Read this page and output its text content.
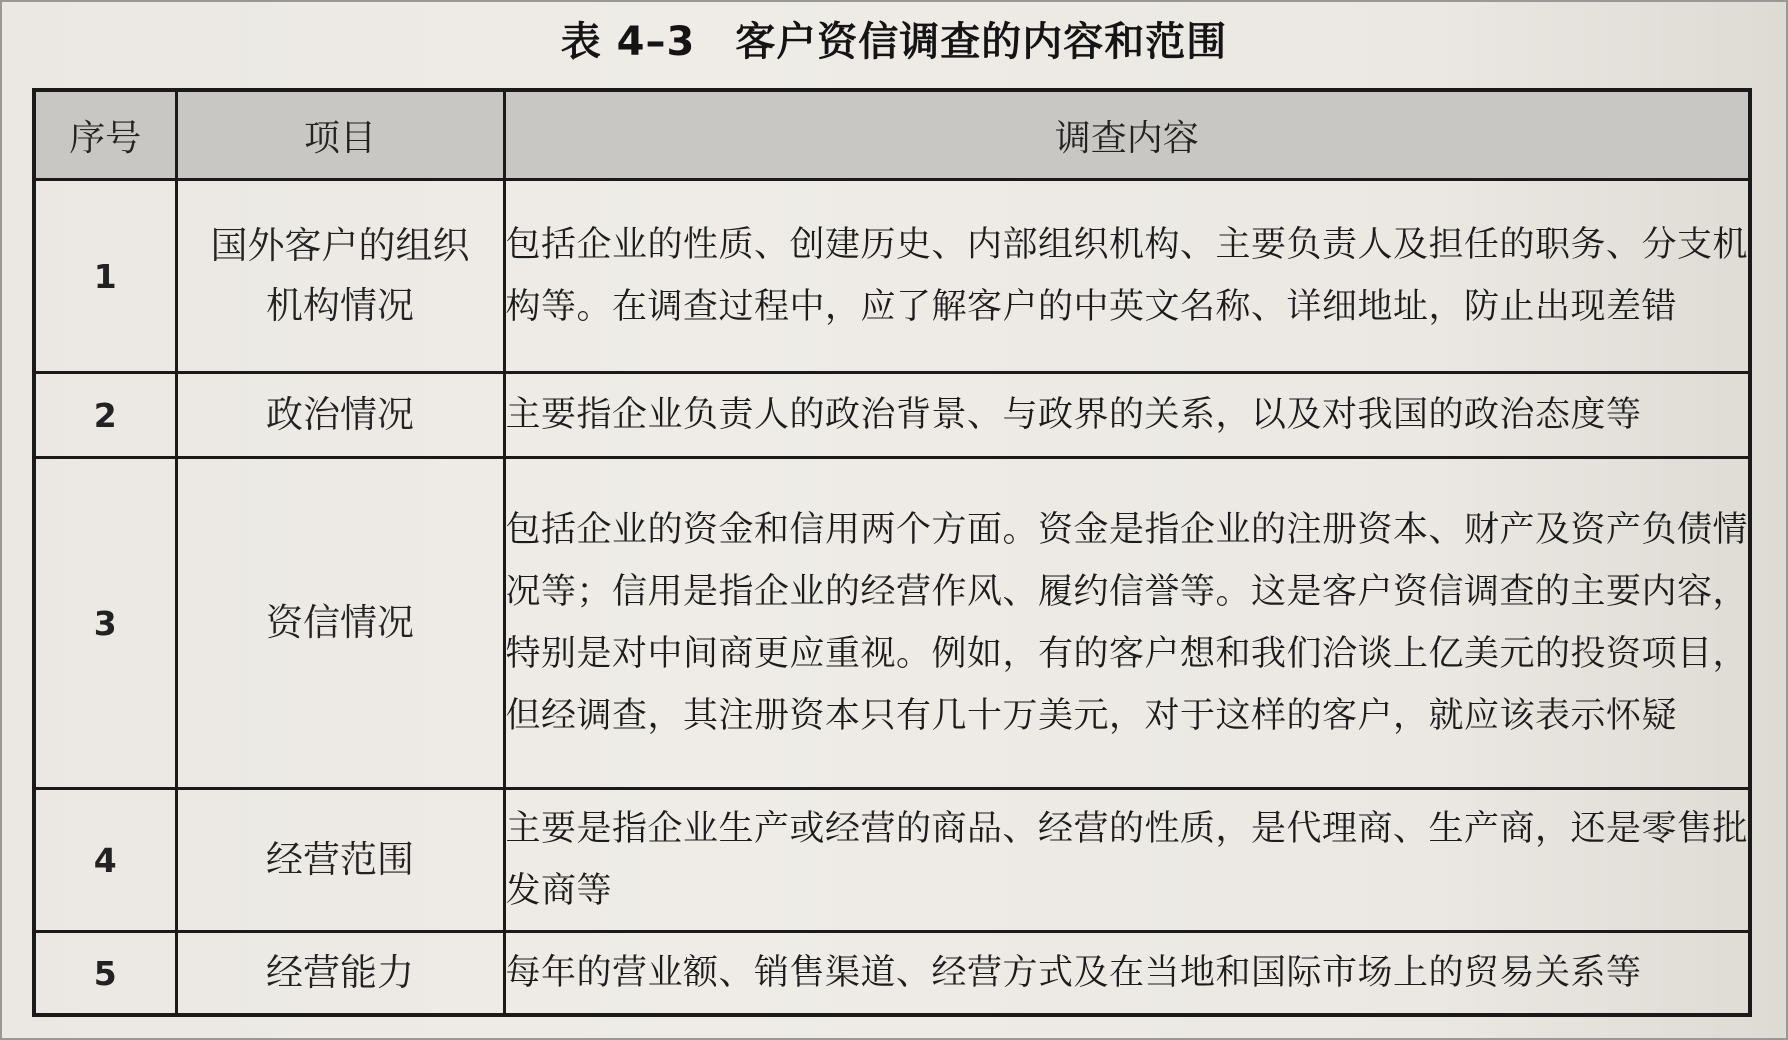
表 4–3 客户资信调查的内容和范围
序号	项目	调查内容
1	国外客户的组织机构情况	包括企业的性质、创建历史、内部组织机构、主要负责人及担任的职务、分支机构等。在调查过程中，应了解客户的中英文名称、详细地址，防止出现差错
2	政治情况	主要指企业负责人的政治背景、与政界的关系，以及对我国的政治态度等
3	资信情况	包括企业的资金和信用两个方面。资金是指企业的注册资本、财产及资产负债情况等；信用是指企业的经营作风、履约信誉等。这是客户资信调查的主要内容，特别是对中间商更应重视。例如，有的客户想和我们洽谈上亿美元的投资项目，但经调查，其注册资本只有几十万美元，对于这样的客户，就应该表示怀疑
4	经营范围	主要是指企业生产或经营的商品、经营的性质，是代理商、生产商，还是零售批发商等
5	经营能力	每年的营业额、销售渠道、经营方式及在当地和国际市场上的贸易关系等
